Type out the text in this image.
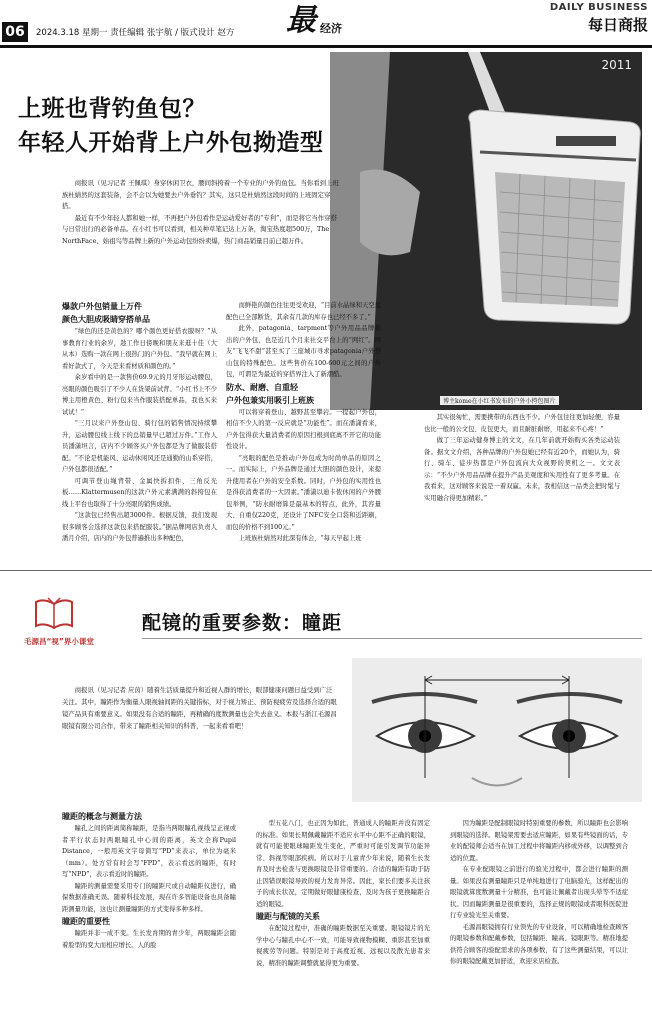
06	2024.3.18 星期一 责任编辑 张宇航 / 版式设计 赵方 最 经济
DAILY BUSINESS
每日商报
2011
上班也背钓鱼包？
年轻人开始背上户外包拗造型

商报讯（见习记者 王佩琪）身穿休闲卫衣，腰间斜挎着一个专业的户外钓鱼包。当你看到上班族杜婧然的这套装备，会不会以为她要去户外垂钓？其实，这只是杜婧然这段时间的上班固定穿搭。

最近有不少年轻人都和她一样，不再把户外包看作是运动爱好者的“专利”，而是将它当作穿搭与日常出行的必备单品。在小红书可以看到，相关种草笔记达上万条，淘宝热度超500万，The NorthFace、始祖鸟等品牌上新的户外运动包纷纷卖爆，热门商品销量目前已超万件。

博主kome在小红书发布的户外小挎包图片
爆款户外包销量上万件
颜色大胆成吸睛穿搭单品

“绿色的还是黄色的？哪个颜色更好搭衣服呀？”从事教育行业的余岁，趁工作日傍晚和朋友来逛十佳（大从本）选购一款在网上很热门的户外包。“我早就在网上看好款式了，今天是来看材质和颜色的。”

余岁看中的是一款售价69.9元的月牙形运动腰包，亮眼的颜色吸引了不少人在货架前试背。“小红书上不少博主用橙黄色、粉行包来当作服装搭配单品，我也买来试试！”

“三月以来户外登山包、骑行包的销售情况持续攀升，运动腰包线上线下的总销量早已超过万件。”工作人员潘潇坦言，店内不少顾客买户外包都是为了做服装搭配。“不论是机能风、运动休闲风还是通勤的山系穿搭，户外包都很适配。”

可调节登山绳背带、金属快拆扣件、三角反光板……Klattermusen的这款户外元素满满的斜挎包在线上平台也取得了十分亮眼的销售成绩。

“这款包已经售出超3000件。根据反馈，我们发现很多顾客会选择这款包来搭配服装。”据品牌网店负责人潘月介绍，店内的户外包普遍推出多种配色，

而鲜艳的颜色往往更受欢迎，“目前水晶绿和天空蓝配色已全部断货，其余有几款的库存也已经不多了。”

此外，patagonia、tarpment等户外用品品牌推出的户外包，也是近几个月来社交平台上的“网红”。网友“飞飞不甜”甚至买了三座城市寻求patagonia户外登山包的特殊配色。这些售价在100-600元之间的户外包，可谓是为最近的穿搭界注入了新潮酷。

防水、耐磨、自重轻
户外包兼实用吸引上班族

可以将穿着登山、越野甚至攀岩。一提起户外包，相信不少人的第一反应就是“功能性”。而在潘潇看来，户外包得获大量消费者的原因扫根到底离不开它的功能性设计。

“亮眼的配色是推动户外包成为时尚单品的原因之一。而实际上，户外品牌是通过大胆的颜色设计，来提升使用者在户外的安全系数。同时，户外包的实用性也是得获消费者的一大因素。”潘潇以迪卡侬休闲的户外腰包举例，“防水耐磨算是最基本的特点，此外，其容量大、自重仅220克，还设计了NFC安全口袋和近距刷，而包的价格不到100元。”

上班族杜婧然对此深有体会，“每天早起上班

其实很匆忙，需要携带的东西也不少。户外包往往更加轻便，容量也比一般的公文包、皮包更大，而且耐脏耐磨，用起来不心疼！”

做了三年运动健身博主的文文，在几年前就开始购买各类运动装备。据文文介绍，各种品牌的户外包她已经有近20个，而她认为，骑行、骑车、徒步热都是户外包流向大众视野的契机之一。文文表示：“不少户外用品品牌在提升产品美观度和实用性有了更多考量。在我看来，这对顾客来说是一着双赢。未来，我相信这一品类会把时髦与实用融合得更加精彩。”

毛源昌“视”界小课堂
配镜的重要参数：瞳距
商报讯（见习记者 应茵）随着生活质量提升和近视人群的增长，眼部健康问题日益受到广泛关注。其中，瞳距作为衡量人眼视轴间距的关键指标，对于视力矫正、预防视疲劳及选择合适的眼镜产品具有重要意义。如果没有合适的瞳距，再精确的度数测量也会失去意义。本报与浙江毛源昌眼镜有限公司合作，带来了瞳距相关知识的科普，一起来看看吧！
瞳距的概念与测量方法

瞳孔之间的距离简称瞳距，是指当两眼瞳孔视线呈正视或者平行状态时两眼瞳孔中心间的距离，英文全称Pupil Distance，一般用英文字母简写“PD”来表示，单位为毫米（mm）。处方常有时会写“FPD”，表示看远的瞳距，有时写“NPD”，表示看近时的瞳距。

瞳距的测量需要采用专门的瞳距尺或自动瞳距仪进行，确保数据准确无误。随着科技发展，现在许多智能设备也具备瞳距测量功能，这也让测量瞳距的方式变得多种多样。

瞳距的重要性

瞳距并非一成不变。生长发育期的青少年，两眼瞳距会随着脸型的变大而相应增长。人的脸

型五花八门，也正因为如此，普通成人的瞳距并没有固定的标准。如果长期佩戴瞳距不适应水平中心距不正确的眼镜，就有可能使眼球瞳距发生变化，严重时可能引发调节功能异常、斜视等眼部疾病。所以对于儿童青少年来说，随着生长发育及时去检查与更换眼镜是非常重要的。合适的瞳距有助于防止因错误眼镜导致的视力发育异常。因此，家长们要多关注孩子的成长状况，定期做好眼健康检查，及时为孩子更换瞳距合适的眼镜。

瞳距与配镜的关系

在配镜过程中，准确的瞳距数据至关重要。眼镜镜片的光学中心与瞳孔中心不一致，可能导致视物模糊、重影甚至加重视疲劳等问题。特别是对于高度近视、远视以及散光患者来说，精准的瞳距调整就显得更为重要。

因为瞳距是配制眼镜时特别重要的参数，所以瞳距也会影响到眼镜的选择。眼镜架需要去适应瞳距，如果有些镜面的话，专业的配镜师会适当在加工过程中将瞳距内移或外移，以调整到合适的位置。

在专业配眼镜之前进行的验光过程中，都会进行瞳距的测量。如果没有测量瞳距只是单纯地进行了电脑验光，这样配出的眼镜就算度数测量十分精准，也可能让佩戴者出现头晕等不适症状。因而瞳距测量是很重要的，选择正规的眼镜或者眼科医院进行专业验光至关重要。

毛源昌眼镜拥有行业领先的专业设备，可以精确地检查顾客的眼镜参数和配戴参数，包括瞳距、瞳高、镜眼距等。精准地提供符合顾客的验配需求的各项参数，有了这些测量结果，可以让你的眼镜配戴更加舒适，欢迎来店检查。
